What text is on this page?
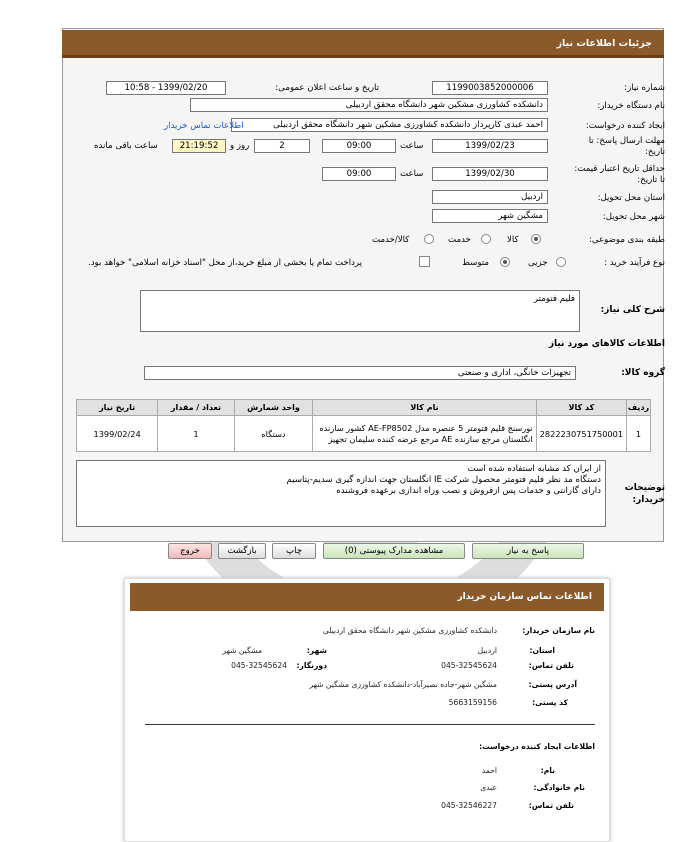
جزئیات اطلاعات نیاز
شماره نیاز:
1199003852000006
تاریخ و ساعت اعلان عمومی:
1399/02/20 - 10:58
نام دستگاه خریدار:
دانشکده کشاورزی مشکین شهر دانشگاه محقق اردبیلی
ایجاد کننده درخواست:
احمد عبدی کارپرداز دانشکده کشاورزی مشکین شهر دانشگاه محقق اردبیلی
اطلاعات تماس خریدار
مهلت ارسال پاسخ: تا تاریخ:
1399/02/23
ساعت
09:00
2
روز و
21:19:52
ساعت باقی مانده
حداقل تاریخ اعتبار قیمت: تا تاریخ:
1399/02/30
ساعت
09:00
استان محل تحویل:
اردبیل
شهر محل تحویل:
مشگین شهر
طبقه بندی موضوعی:
کالا
خدمت
کالا/خدمت
نوع فرآیند خرید :
جزیی
متوسط
پرداخت تمام یا بخشی از مبلغ خرید،از محل "اسناد خزانه اسلامی" خواهد بود.
شرح کلی نیاز:
فلیم فتومتر
اطلاعات کالاهای مورد نیاز
گروه کالا:
تجهیزات خانگی، اداری و صنعتی
ردیف	کد کالا	نام کالا	واحد شمارش	تعداد / مقدار	تاریخ نیاز
1	2822230751750001	نورسنج فلیم فتومتر 5 عنصره مدل AE-FP8502 کشور سازنده انگلستان مرجع سازنده AE مرجع عرضه کننده سلیمان تجهیز	دستگاه	1	1399/02/24
توضیحات خریدار:
از ایران کد مشابه استفاده شده است
دستگاه مد نظر فلیم فتومتر محصول شرکت IE انگلستان جهت اندازه گیری سدیم-پتاسیم
دارای گارانتی و خدمات پس ازفروش و نصب وراه اندازی برعهده فروشنده
پاسخ به نیاز
مشاهده مدارک پیوستی (0)
چاپ
بازگشت
خروج
اطلاعات تماس سازمان خریدار
نام سازمان خریدار:
دانشکده کشاورزی مشکین شهر دانشگاه محقق اردبیلی
استان:
اردبیل
شهر:
مشگین شهر
تلفن تماس:
045-32545624
دورنگار:
045-32545624
آدرس پستی:
مشگین شهر-جاده نصیرآباد-دانشکده کشاورزی مشگین شهر
کد پستی:
5663159156
اطلاعات ایجاد کننده درخواست:
نام:
احمد
نام خانوادگی:
عبدی
تلفن تماس:
045-32546227
